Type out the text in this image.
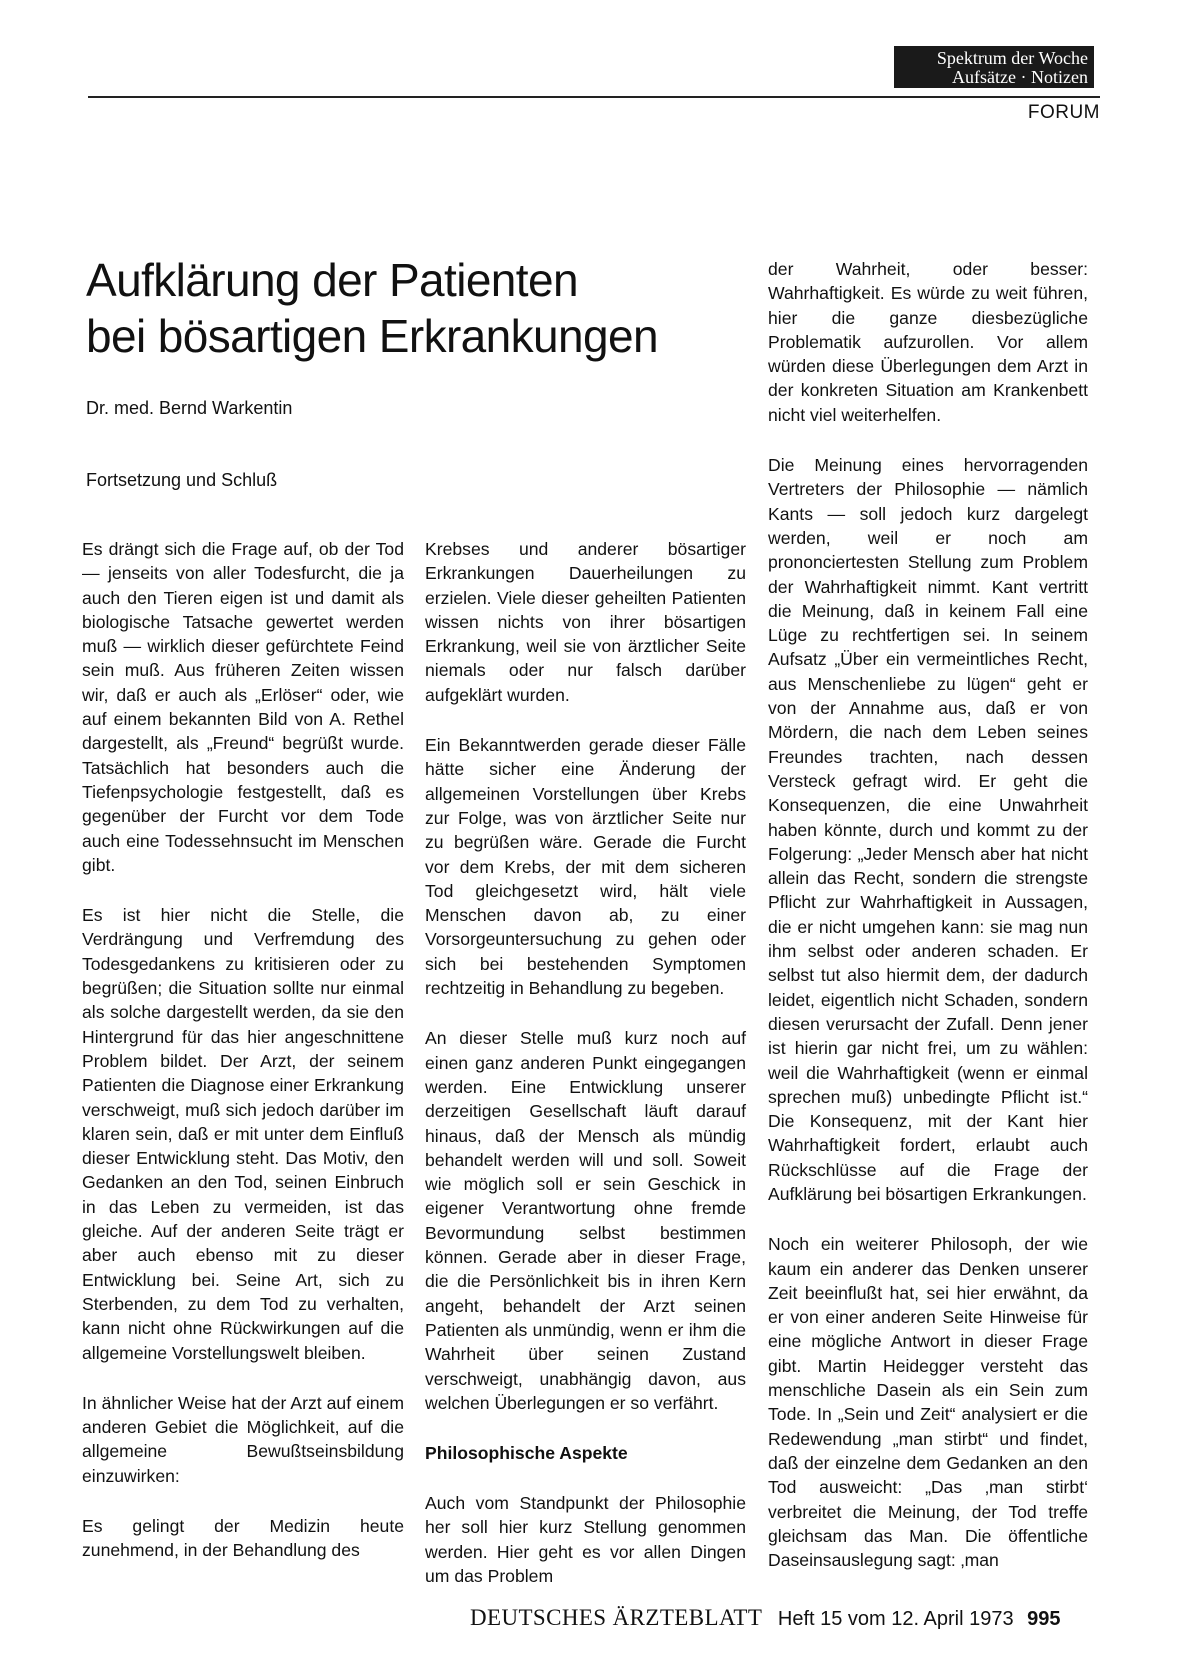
Spektrum der Woche
Aufsätze · Notizen
FORUM
Aufklärung der Patienten
bei bösartigen Erkrankungen
Dr. med. Bernd Warkentin
Fortsetzung und Schluß

Es drängt sich die Frage auf, ob der Tod — jenseits von aller Todesfurcht, die ja auch den Tieren eigen ist und damit als biologische Tatsache gewertet werden muß — wirklich dieser gefürchtete Feind sein muß. Aus früheren Zeiten wissen wir, daß er auch als „Erlöser“ oder, wie auf einem bekannten Bild von A. Rethel dargestellt, als „Freund“ begrüßt wurde. Tatsächlich hat besonders auch die Tiefenpsychologie festgestellt, daß es gegenüber der Furcht vor dem Tode auch eine Todessehnsucht im Menschen gibt.

Es ist hier nicht die Stelle, die Verdrängung und Verfremdung des Todesgedankens zu kritisieren oder zu begrüßen; die Situation sollte nur einmal als solche dargestellt werden, da sie den Hintergrund für das hier angeschnittene Problem bildet. Der Arzt, der seinem Patienten die Diagnose einer Erkrankung verschweigt, muß sich jedoch darüber im klaren sein, daß er mit unter dem Einfluß dieser Entwicklung steht. Das Motiv, den Gedanken an den Tod, seinen Einbruch in das Leben zu vermeiden, ist das gleiche. Auf der anderen Seite trägt er aber auch ebenso mit zu dieser Entwicklung bei. Seine Art, sich zu Sterbenden, zu dem Tod zu verhalten, kann nicht ohne Rückwirkungen auf die allgemeine Vorstellungswelt bleiben.

In ähnlicher Weise hat der Arzt auf einem anderen Gebiet die Möglichkeit, auf die allgemeine Bewußtseinsbildung einzuwirken:

Es gelingt der Medizin heute zunehmend, in der Behandlung des

Krebses und anderer bösartiger Erkrankungen Dauerheilungen zu erzielen. Viele dieser geheilten Patienten wissen nichts von ihrer bösartigen Erkrankung, weil sie von ärztlicher Seite niemals oder nur falsch darüber aufgeklärt wurden.

Ein Bekanntwerden gerade dieser Fälle hätte sicher eine Änderung der allgemeinen Vorstellungen über Krebs zur Folge, was von ärztlicher Seite nur zu begrüßen wäre. Gerade die Furcht vor dem Krebs, der mit dem sicheren Tod gleichgesetzt wird, hält viele Menschen davon ab, zu einer Vorsorgeuntersuchung zu gehen oder sich bei bestehenden Symptomen rechtzeitig in Behandlung zu begeben.

An dieser Stelle muß kurz noch auf einen ganz anderen Punkt eingegangen werden. Eine Entwicklung unserer derzeitigen Gesellschaft läuft darauf hinaus, daß der Mensch als mündig behandelt werden will und soll. Soweit wie möglich soll er sein Geschick in eigener Verantwortung ohne fremde Bevormundung selbst bestimmen können. Gerade aber in dieser Frage, die die Persönlichkeit bis in ihren Kern angeht, behandelt der Arzt seinen Patienten als unmündig, wenn er ihm die Wahrheit über seinen Zustand verschweigt, unabhängig davon, aus welchen Überlegungen er so verfährt.

Philosophische Aspekte

Auch vom Standpunkt der Philosophie her soll hier kurz Stellung genommen werden. Hier geht es vor allen Dingen um das Problem

der Wahrheit, oder besser: Wahrhaftigkeit. Es würde zu weit führen, hier die ganze diesbezügliche Problematik aufzurollen. Vor allem würden diese Überlegungen dem Arzt in der konkreten Situation am Krankenbett nicht viel weiterhelfen.

Die Meinung eines hervorragenden Vertreters der Philosophie — nämlich Kants — soll jedoch kurz dargelegt werden, weil er noch am prononciertesten Stellung zum Problem der Wahrhaftigkeit nimmt. Kant vertritt die Meinung, daß in keinem Fall eine Lüge zu rechtfertigen sei. In seinem Aufsatz „Über ein vermeintliches Recht, aus Menschenliebe zu lügen“ geht er von der Annahme aus, daß er von Mördern, die nach dem Leben seines Freundes trachten, nach dessen Versteck gefragt wird. Er geht die Konsequenzen, die eine Unwahrheit haben könnte, durch und kommt zu der Folgerung: „Jeder Mensch aber hat nicht allein das Recht, sondern die strengste Pflicht zur Wahrhaftigkeit in Aussagen, die er nicht umgehen kann: sie mag nun ihm selbst oder anderen schaden. Er selbst tut also hiermit dem, der dadurch leidet, eigentlich nicht Schaden, sondern diesen verursacht der Zufall. Denn jener ist hierin gar nicht frei, um zu wählen: weil die Wahrhaftigkeit (wenn er einmal sprechen muß) unbedingte Pflicht ist.“ Die Konsequenz, mit der Kant hier Wahrhaftigkeit fordert, erlaubt auch Rückschlüsse auf die Frage der Aufklärung bei bösartigen Erkrankungen.

Noch ein weiterer Philosoph, der wie kaum ein anderer das Denken unserer Zeit beeinflußt hat, sei hier erwähnt, da er von einer anderen Seite Hinweise für eine mögliche Antwort in dieser Frage gibt. Martin Heidegger versteht das menschliche Dasein als ein Sein zum Tode. In „Sein und Zeit“ analysiert er die Redewendung „man stirbt“ und findet, daß der einzelne dem Gedanken an den Tod ausweicht: „Das ‚man stirbt‘ verbreitet die Meinung, der Tod treffe gleichsam das Man. Die öffentliche Daseinsauslegung sagt: ‚man

DEUTSCHES ÄRZTEBLATT Heft 15 vom 12. April 1973 995
